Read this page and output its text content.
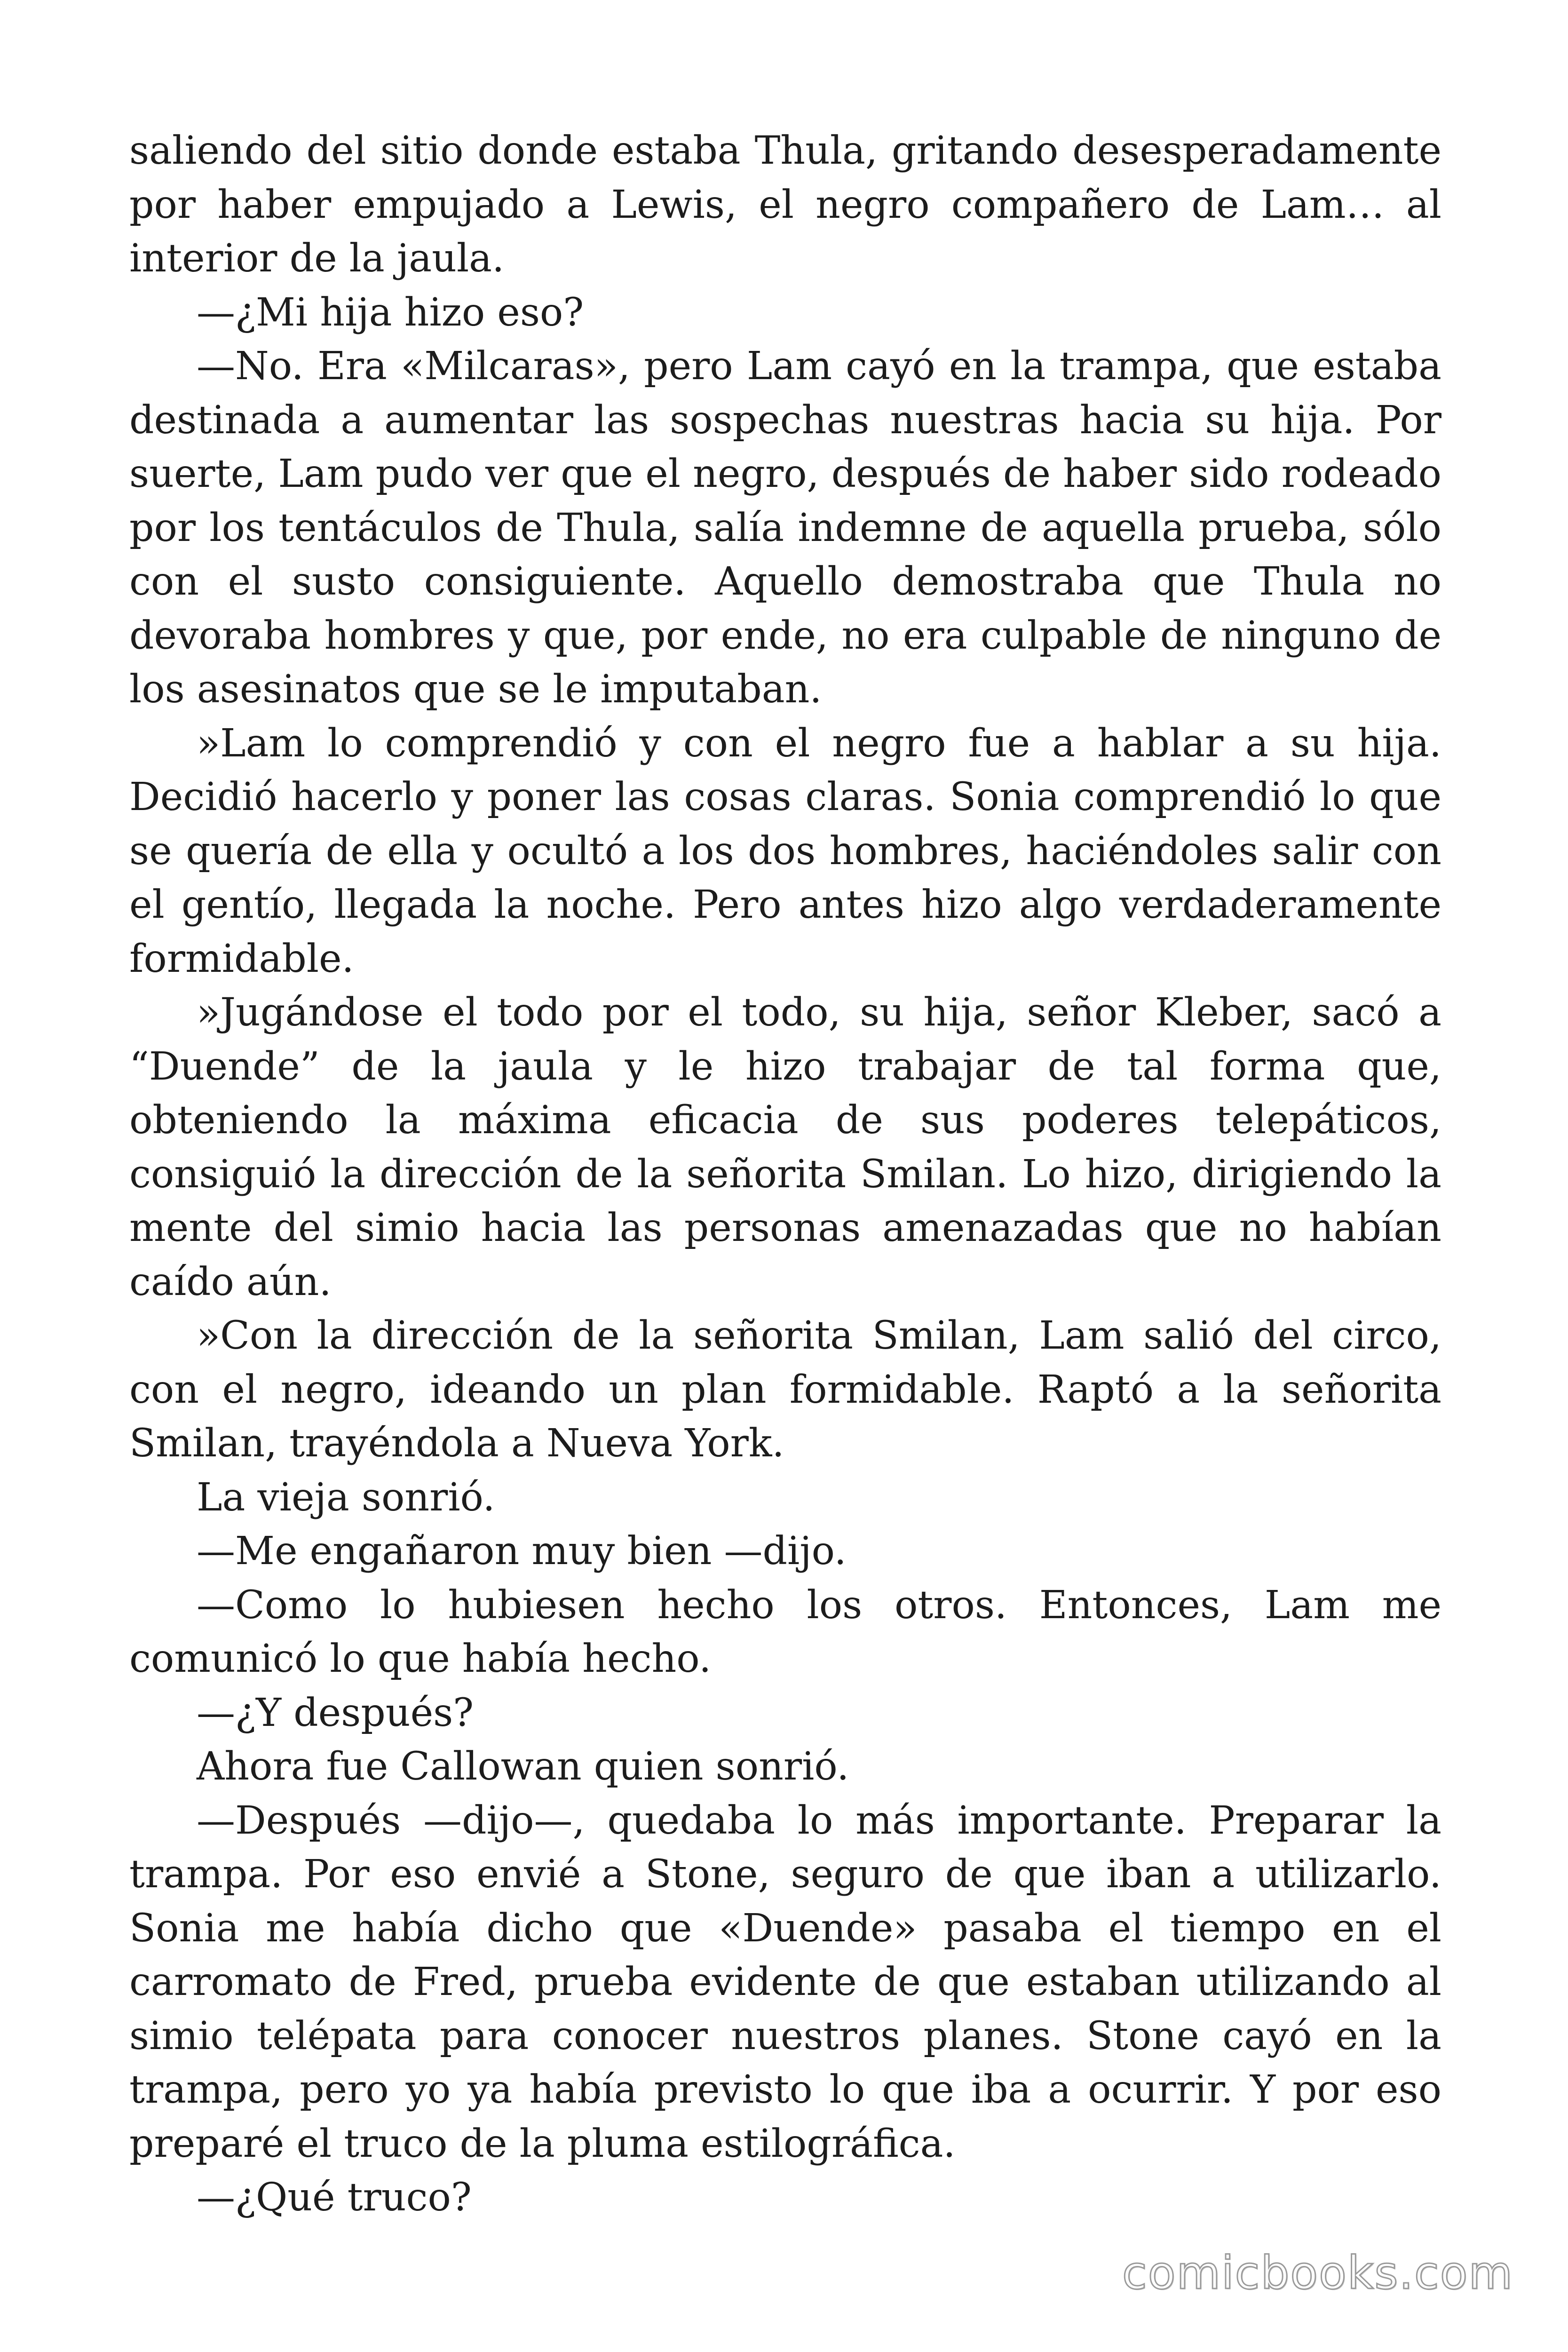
saliendo del sitio donde estaba Thula, gritando desesperadamente por haber empujado a Lewis, el negro compañero de Lam… al interior de la jaula.

—¿Mi hija hizo eso?

—No. Era «Milcaras», pero Lam cayó en la trampa, que estaba destinada a aumentar las sospechas nuestras hacia su hija. Por suerte, Lam pudo ver que el negro, después de haber sido rodeado por los tentáculos de Thula, salía indemne de aquella prueba, sólo con el susto consiguiente. Aquello demostraba que Thula no devoraba hombres y que, por ende, no era culpable de ninguno de los asesinatos que se le imputaban.

»Lam lo comprendió y con el negro fue a hablar a su hija. Decidió hacerlo y poner las cosas claras. Sonia comprendió lo que se quería de ella y ocultó a los dos hombres, haciéndoles salir con el gentío, llegada la noche. Pero antes hizo algo verdaderamente formidable.

»Jugándose el todo por el todo, su hija, señor Kleber, sacó a “Duende” de la jaula y le hizo trabajar de tal forma que, obteniendo la máxima eficacia de sus poderes telepáticos, consiguió la dirección de la señorita Smilan. Lo hizo, dirigiendo la mente del simio hacia las personas amenazadas que no habían caído aún.

»Con la dirección de la señorita Smilan, Lam salió del circo, con el negro, ideando un plan formidable. Raptó a la señorita Smilan, trayéndola a Nueva York.

La vieja sonrió.

—Me engañaron muy bien —dijo.

—Como lo hubiesen hecho los otros. Entonces, Lam me comunicó lo que había hecho.

—¿Y después?

Ahora fue Callowan quien sonrió.

—Después —dijo—, quedaba lo más importante. Preparar la trampa. Por eso envié a Stone, seguro de que iban a utilizarlo. Sonia me había dicho que «Duende» pasaba el tiempo en el carromato de Fred, prueba evidente de que estaban utilizando al simio telépata para conocer nuestros planes. Stone cayó en la trampa, pero yo ya había previsto lo que iba a ocurrir. Y por eso preparé el truco de la pluma estilográfica.

—¿Qué truco?

comicbooks.com
